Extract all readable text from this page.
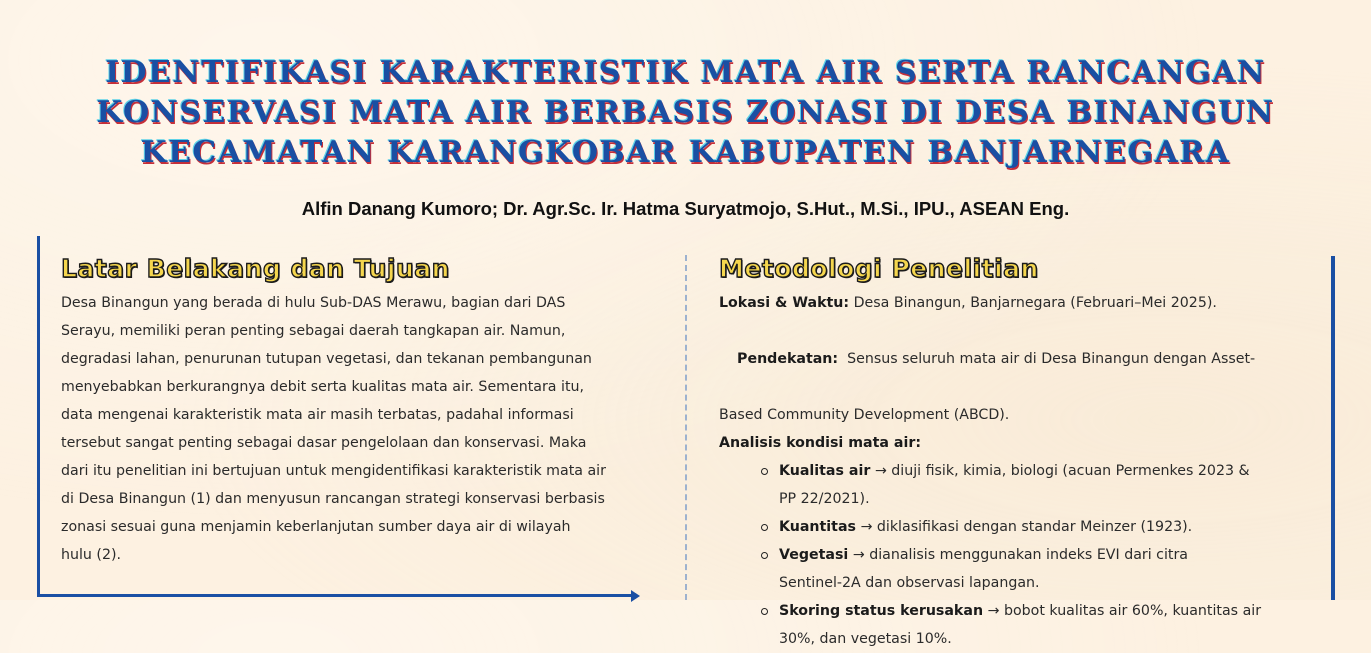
IDENTIFIKASI KARAKTERISTIK MATA AIR SERTA RANCANGAN
KONSERVASI MATA AIR BERBASIS ZONASI DI DESA BINANGUN
KECAMATAN KARANGKOBAR KABUPATEN BANJARNEGARA
Alfin Danang Kumoro; Dr. Agr.Sc. Ir. Hatma Suryatmojo, S.Hut., M.Si., IPU., ASEAN Eng.
Latar Belakang dan Tujuan
Desa Binangun yang berada di hulu Sub-DAS Merawu, bagian dari DAS
Serayu, memiliki peran penting sebagai daerah tangkapan air. Namun,
degradasi lahan, penurunan tutupan vegetasi, dan tekanan pembangunan
menyebabkan berkurangnya debit serta kualitas mata air. Sementara itu,
data mengenai karakteristik mata air masih terbatas, padahal informasi
tersebut sangat penting sebagai dasar pengelolaan dan konservasi. Maka
dari itu penelitian ini bertujuan untuk mengidentifikasi karakteristik mata air
di Desa Binangun (1) dan menyusun rancangan strategi konservasi berbasis
zonasi sesuai guna menjamin keberlanjutan sumber daya air di wilayah
hulu (2).
Metodologi Penelitian
Lokasi & Waktu: Desa Binangun, Banjarnegara (Februari–Mei 2025).

Pendekatan:  Sensus seluruh mata air di Desa Binangun dengan Asset-

Based Community Development (ABCD).
Analisis kondisi mata air:
Kualitas air → diuji fisik, kimia, biologi (acuan Permenkes 2023 &
PP 22/2021).
Kuantitas → diklasifikasi dengan standar Meinzer (1923).
Vegetasi → dianalisis menggunakan indeks EVI dari citra
Sentinel-2A dan observasi lapangan.
Skoring status kerusakan → bobot kualitas air 60%, kuantitas air
30%, dan vegetasi 10%.
